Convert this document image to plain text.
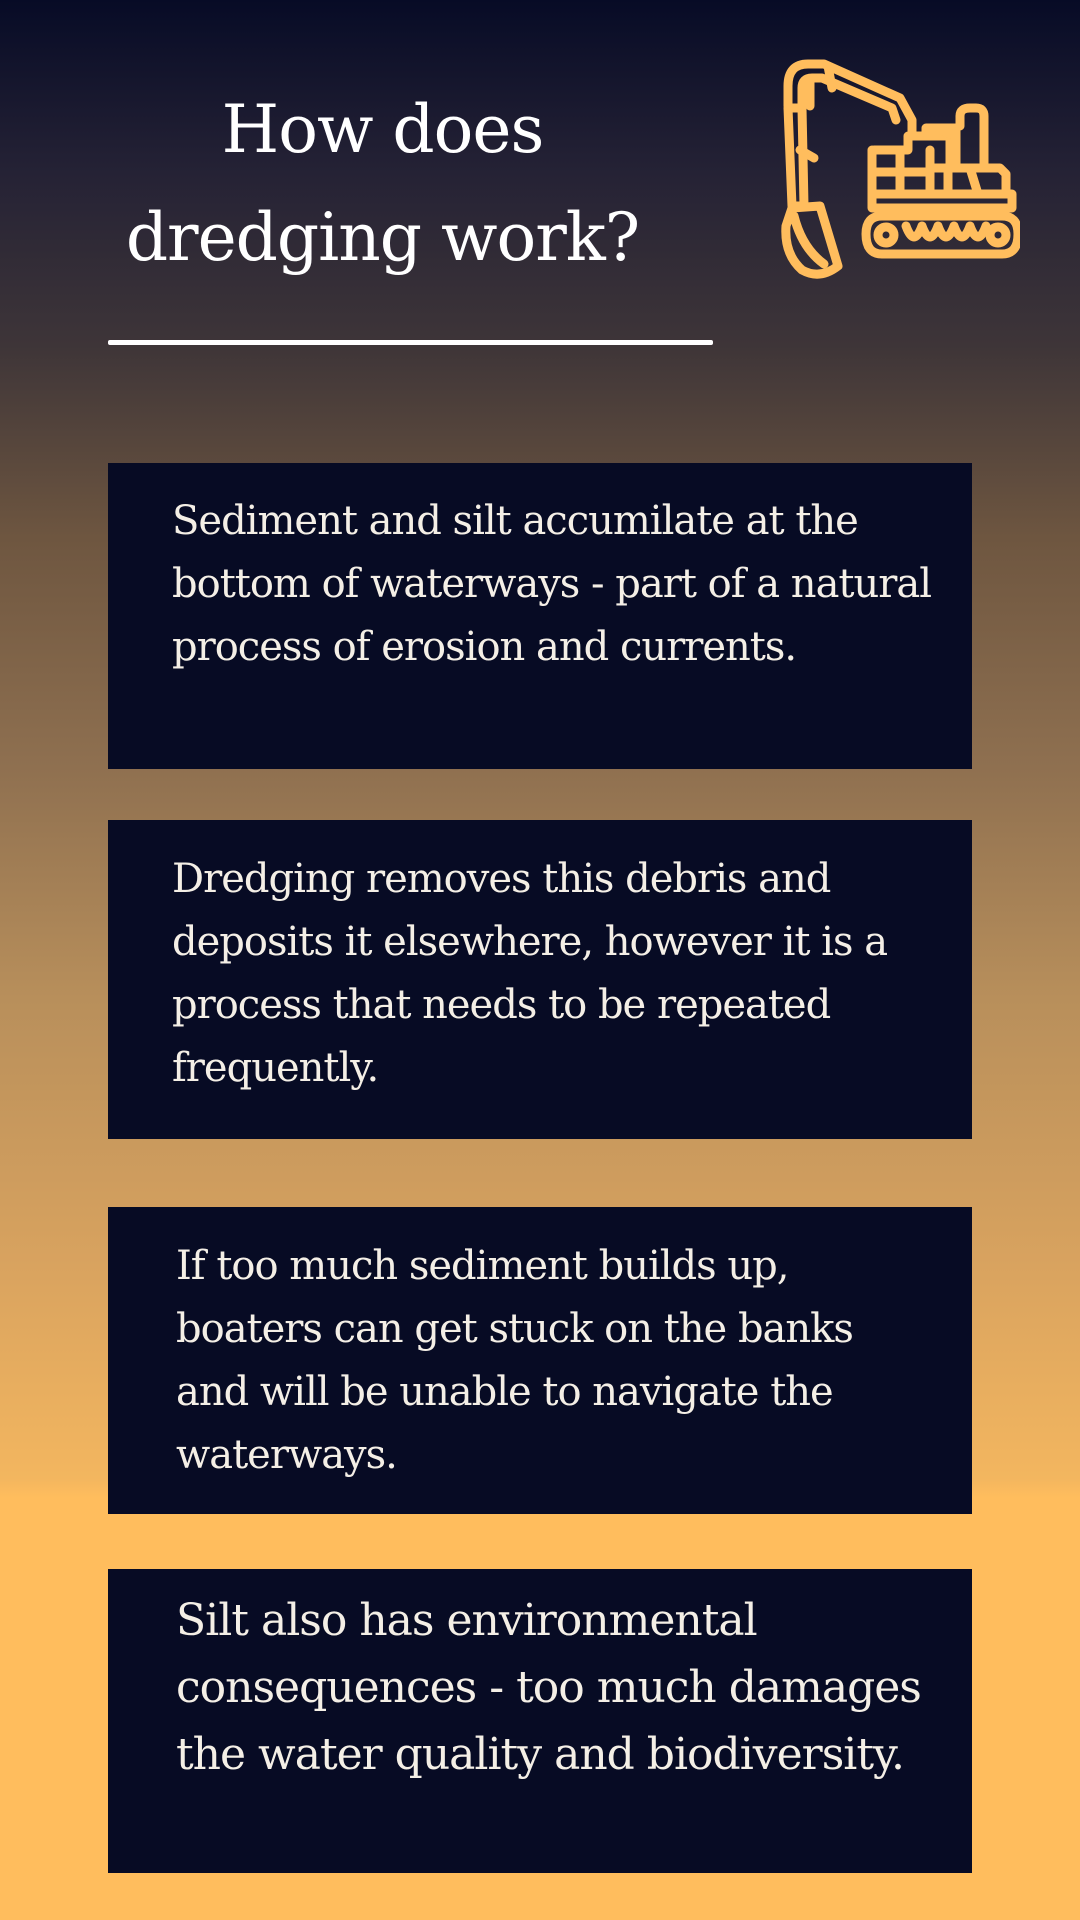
How does
dredging work?

Sediment and silt accumilate at the bottom of waterways - part of a natural process of erosion and currents.

Dredging removes this debris and deposits it elsewhere, however it is a process that needs to be repeated frequently.

If too much sediment builds up, boaters can get stuck on the banks and will be unable to navigate the waterways.

Silt also has environmental consequences - too much damages the water quality and biodiversity.
